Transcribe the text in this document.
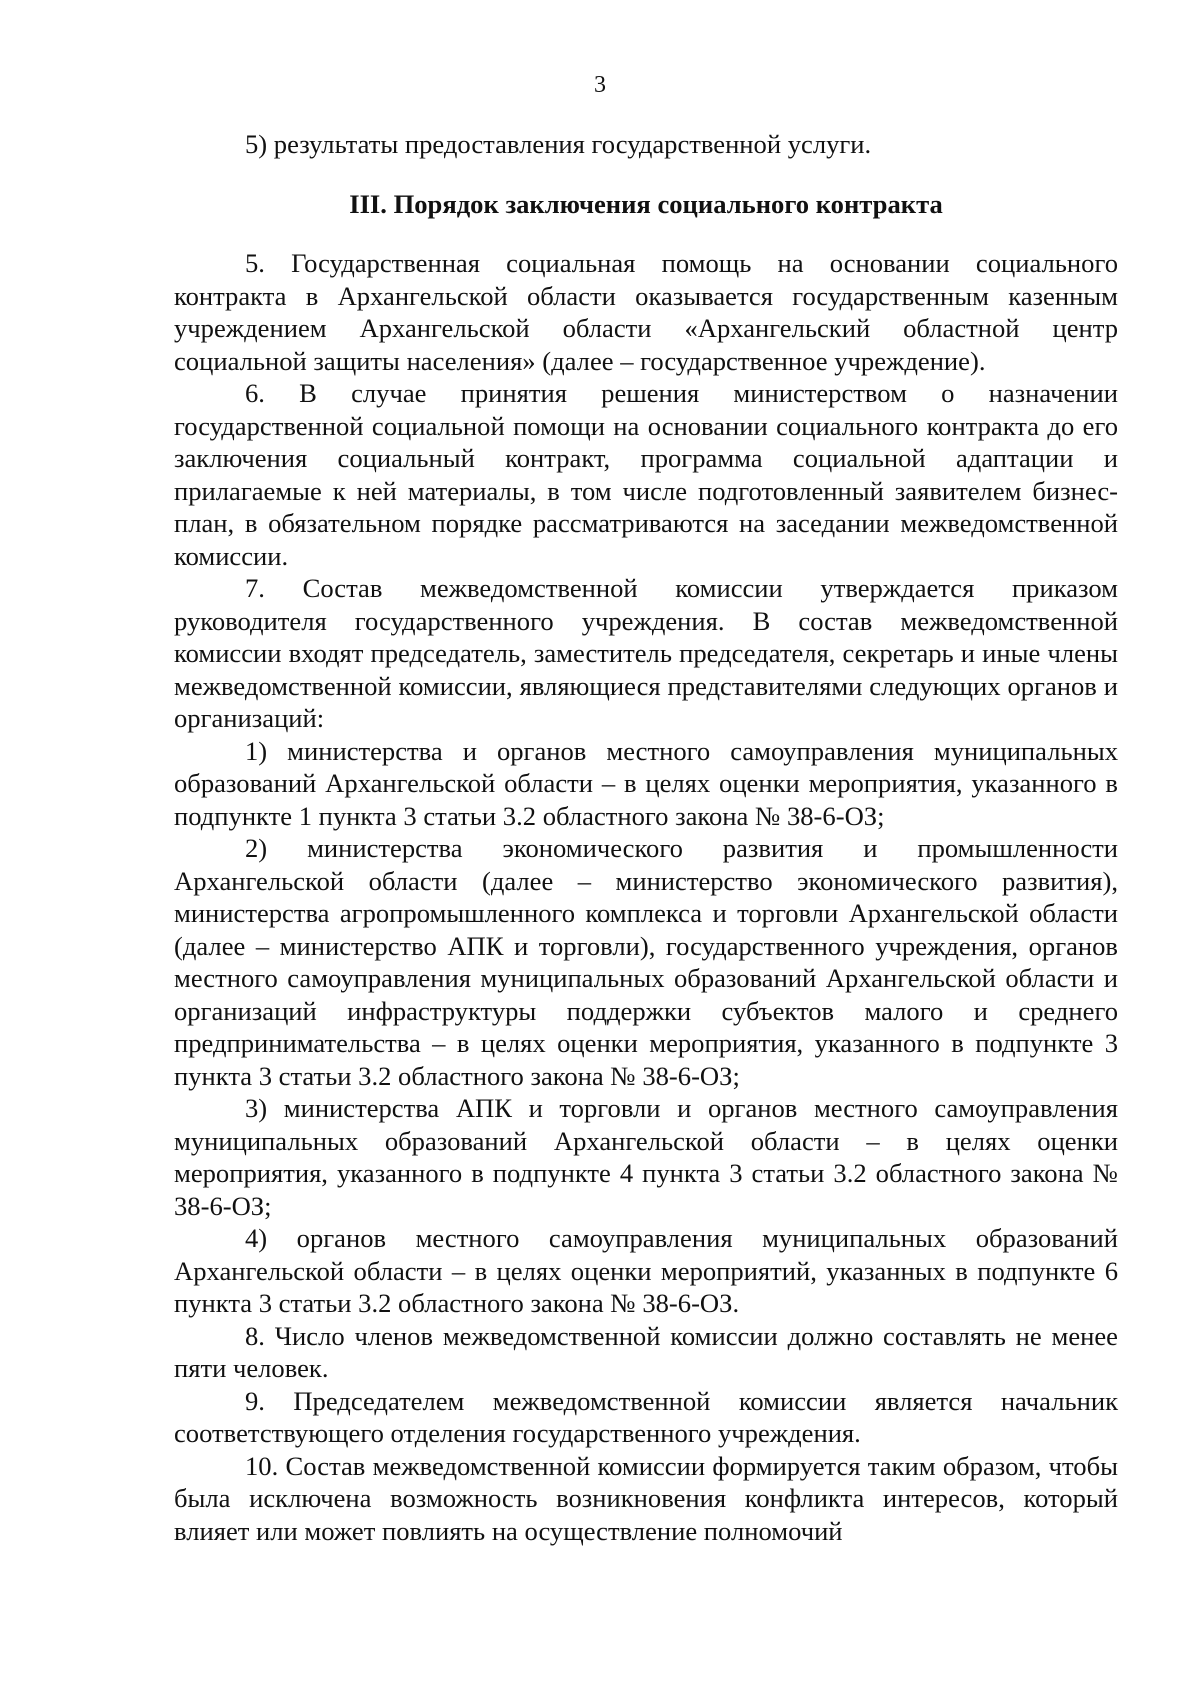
3

5) результаты предоставления государственной услуги.

III. Порядок заключения социального контракта

5. Государственная социальная помощь на основании социального контракта в Архангельской области оказывается государственным казенным учреждением Архангельской области «Архангельский областной центр социальной защиты населения» (далее – государственное учреждение).

6. В случае принятия решения министерством о назначении государственной социальной помощи на основании социального контракта до его заключения социальный контракт, программа социальной адаптации и прилагаемые к ней материалы, в том числе подготовленный заявителем бизнес-план, в обязательном порядке рассматриваются на заседании межведомственной комиссии.

7. Состав межведомственной комиссии утверждается приказом руководителя государственного учреждения. В состав межведомственной комиссии входят председатель, заместитель председателя, секретарь и иные члены межведомственной комиссии, являющиеся представителями следующих органов и организаций:

1) министерства и органов местного самоуправления муниципальных образований Архангельской области – в целях оценки мероприятия, указанного в подпункте 1 пункта 3 статьи 3.2 областного закона № 38-6-ОЗ;

2) министерства экономического развития и промышленности Архангельской области (далее – министерство экономического развития), министерства агропромышленного комплекса и торговли Архангельской области (далее – министерство АПК и торговли), государственного учреждения, органов местного самоуправления муниципальных образований Архангельской области и организаций инфраструктуры поддержки субъектов малого и среднего предпринимательства – в целях оценки мероприятия, указанного в подпункте 3 пункта 3 статьи 3.2 областного закона № 38-6-ОЗ;

3) министерства АПК и торговли и органов местного самоуправления муниципальных образований Архангельской области – в целях оценки мероприятия, указанного в подпункте 4 пункта 3 статьи 3.2 областного закона № 38-6-ОЗ;

4) органов местного самоуправления муниципальных образований Архангельской области – в целях оценки мероприятий, указанных в подпункте 6 пункта 3 статьи 3.2 областного закона № 38-6-ОЗ.

8. Число членов межведомственной комиссии должно составлять не менее пяти человек.

9. Председателем межведомственной комиссии является начальник соответствующего отделения государственного учреждения.

10. Состав межведомственной комиссии формируется таким образом, чтобы была исключена возможность возникновения конфликта интересов, который влияет или может повлиять на осуществление полномочий
